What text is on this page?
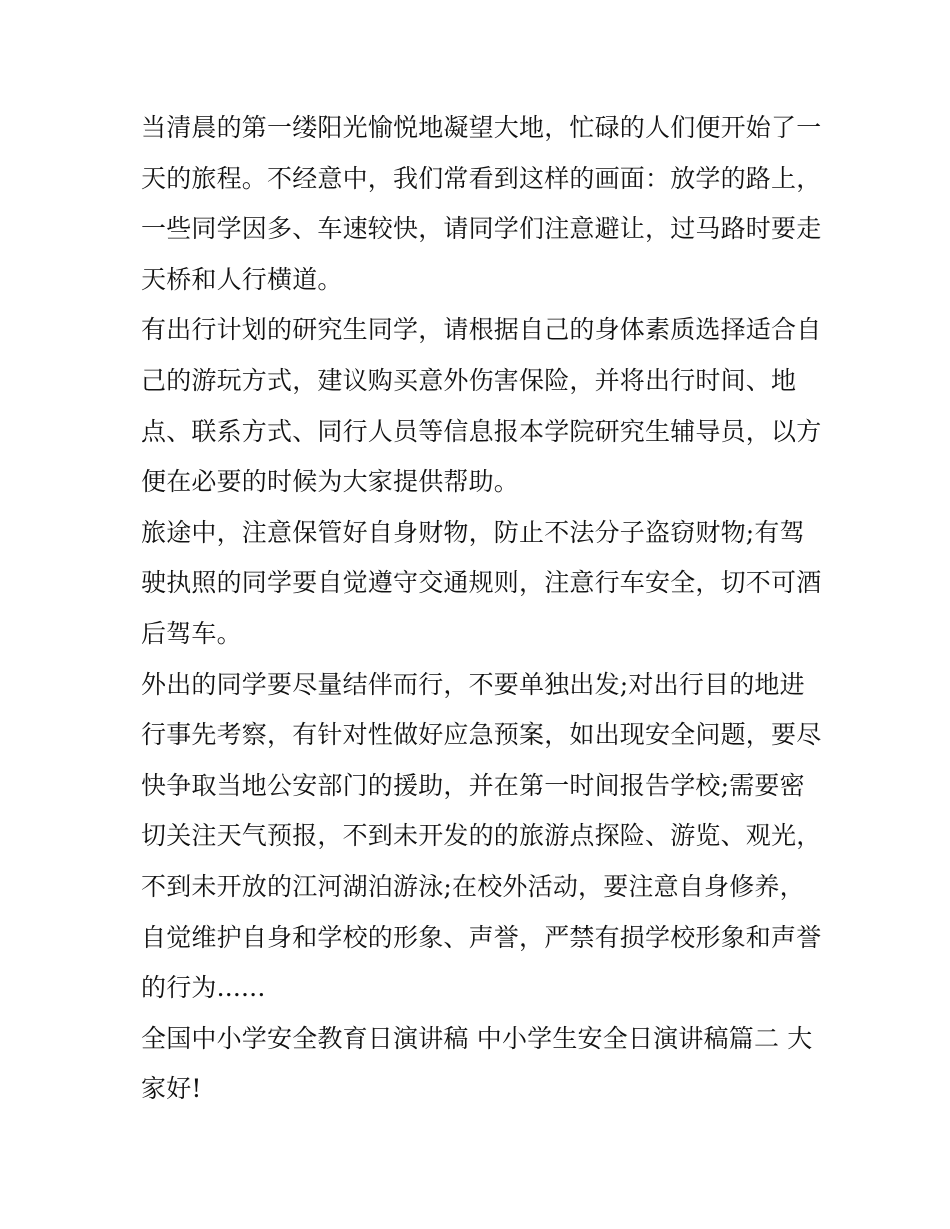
当清晨的第一缕阳光愉悦地凝望大地，忙碌的人们便开始了一
天的旅程。不经意中，我们常看到这样的画面：放学的路上，
一些同学因多、车速较快，请同学们注意避让，过马路时要走
天桥和人行横道。
有出行计划的研究生同学，请根据自己的身体素质选择适合自
己的游玩方式，建议购买意外伤害保险，并将出行时间、地
点、联系方式、同行人员等信息报本学院研究生辅导员，以方
便在必要的时候为大家提供帮助。
旅途中，注意保管好自身财物，防止不法分子盗窃财物;有驾
驶执照的同学要自觉遵守交通规则，注意行车安全，切不可酒
后驾车。
外出的同学要尽量结伴而行，不要单独出发;对出行目的地进
行事先考察，有针对性做好应急预案，如出现安全问题，要尽
快争取当地公安部门的援助，并在第一时间报告学校;需要密
切关注天气预报，不到未开发的的旅游点探险、游览、观光，
不到未开放的江河湖泊游泳;在校外活动，要注意自身修养，
自觉维护自身和学校的形象、声誉，严禁有损学校形象和声誉
的行为......
全国中小学安全教育日演讲稿 中小学生安全日演讲稿篇二 大
家好!
